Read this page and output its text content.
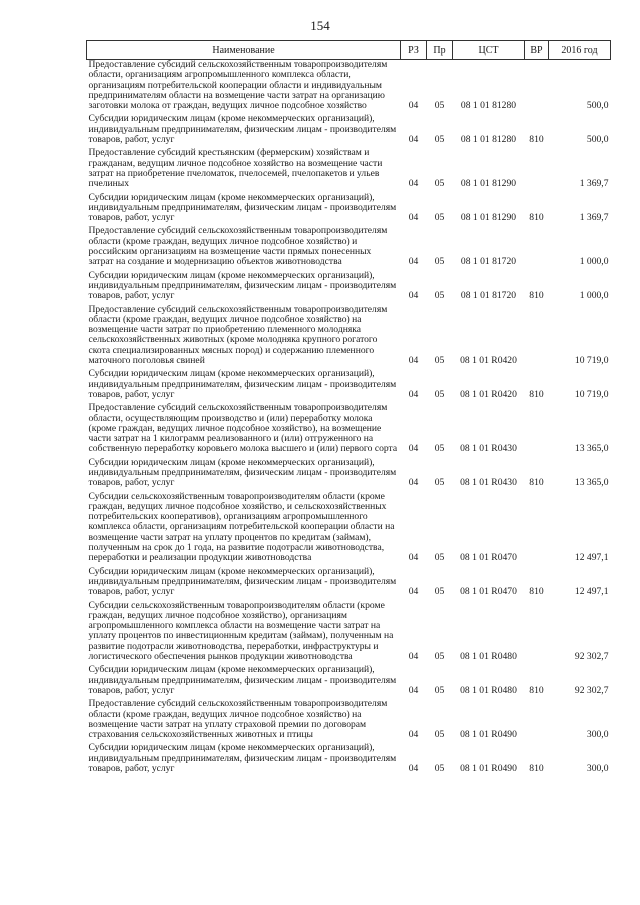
154
Наименование	РЗ	Пр	ЦСТ	ВР	2016 год
Предоставление субсидий сельскохозяйственным товаропроизводителям области, организациям агропромышленного комплекса области, организациям потребительской кооперации области и индивидуальным предпринимателям области на возмещение части затрат на организацию заготовки молока от граждан, ведущих личное подсобное хозяйство	04	05	08 1 01 81280		500,0

Субсидии юридическим лицам (кроме некоммерческих организаций), индивидуальным предпринимателям, физическим лицам - производителям товаров, работ, услуг	04	05	08 1 01 81280	810	500,0

Предоставление субсидий крестьянским (фермерским) хозяйствам и гражданам, ведущим личное подсобное хозяйство на возмещение части затрат на приобретение пчеломаток, пчелосемей, пчелопакетов и ульев пчелиных	04	05	08 1 01 81290		1 369,7

Субсидии юридическим лицам (кроме некоммерческих организаций), индивидуальным предпринимателям, физическим лицам - производителям товаров, работ, услуг	04	05	08 1 01 81290	810	1 369,7

Предоставление субсидий сельскохозяйственным товаропроизводителям области (кроме граждан, ведущих личное подсобное хозяйство) и российским организациям на возмещение части прямых понесенных затрат на создание и модернизацию объектов животноводства	04	05	08 1 01 81720		1 000,0

Субсидии юридическим лицам (кроме некоммерческих организаций), индивидуальным предпринимателям, физическим лицам - производителям товаров, работ, услуг	04	05	08 1 01 81720	810	1 000,0

Предоставление субсидий сельскохозяйственным товаропроизводителям области (кроме граждан, ведущих личное подсобное хозяйство) на возмещение части затрат по приобретению племенного молодняка сельскохозяйственных животных (кроме молодняка крупного рогатого скота специализированных мясных пород) и содержанию племенного маточного поголовья свиней	04	05	08 1 01 R0420		10 719,0

Субсидии юридическим лицам (кроме некоммерческих организаций), индивидуальным предпринимателям, физическим лицам - производителям товаров, работ, услуг	04	05	08 1 01 R0420	810	10 719,0

Предоставление субсидий сельскохозяйственным товаропроизводителям области, осуществляющим производство и (или) переработку молока (кроме граждан, ведущих личное подсобное хозяйство), на возмещение части затрат на 1 килограмм реализованного и (или) отгруженного на собственную переработку коровьего молока высшего и (или) первого сорта	04	05	08 1 01 R0430		13 365,0

Субсидии юридическим лицам (кроме некоммерческих организаций), индивидуальным предпринимателям, физическим лицам - производителям товаров, работ, услуг	04	05	08 1 01 R0430	810	13 365,0

Субсидии сельскохозяйственным товаропроизводителям области (кроме граждан, ведущих личное подсобное хозяйство, и сельскохозяйственных потребительских кооперативов), организациям агропромышленного комплекса области, организациям потребительской кооперации области на возмещение части затрат на уплату процентов по кредитам (займам), полученным на срок до 1 года, на развитие подотрасли животноводства, переработки и реализации продукции животноводства	04	05	08 1 01 R0470		12 497,1

Субсидии юридическим лицам (кроме некоммерческих организаций), индивидуальным предпринимателям, физическим лицам - производителям товаров, работ, услуг	04	05	08 1 01 R0470	810	12 497,1

Субсидии сельскохозяйственным товаропроизводителям области (кроме граждан, ведущих личное подсобное хозяйство), организациям агропромышленного комплекса области на возмещение части затрат на уплату процентов по инвестиционным кредитам (займам), полученным на развитие подотрасли животноводства, переработки, инфраструктуры и логистического обеспечения рынков продукции животноводства	04	05	08 1 01 R0480		92 302,7

Субсидии юридическим лицам (кроме некоммерческих организаций), индивидуальным предпринимателям, физическим лицам - производителям товаров, работ, услуг	04	05	08 1 01 R0480	810	92 302,7

Предоставление субсидий сельскохозяйственным товаропроизводителям области (кроме граждан, ведущих личное подсобное хозяйство) на возмещение части затрат на уплату страховой премии по договорам страхования сельскохозяйственных животных и птицы	04	05	08 1 01 R0490		300,0

Субсидии юридическим лицам (кроме некоммерческих организаций), индивидуальным предпринимателям, физическим лицам - производителям товаров, работ, услуг	04	05	08 1 01 R0490	810	300,0
